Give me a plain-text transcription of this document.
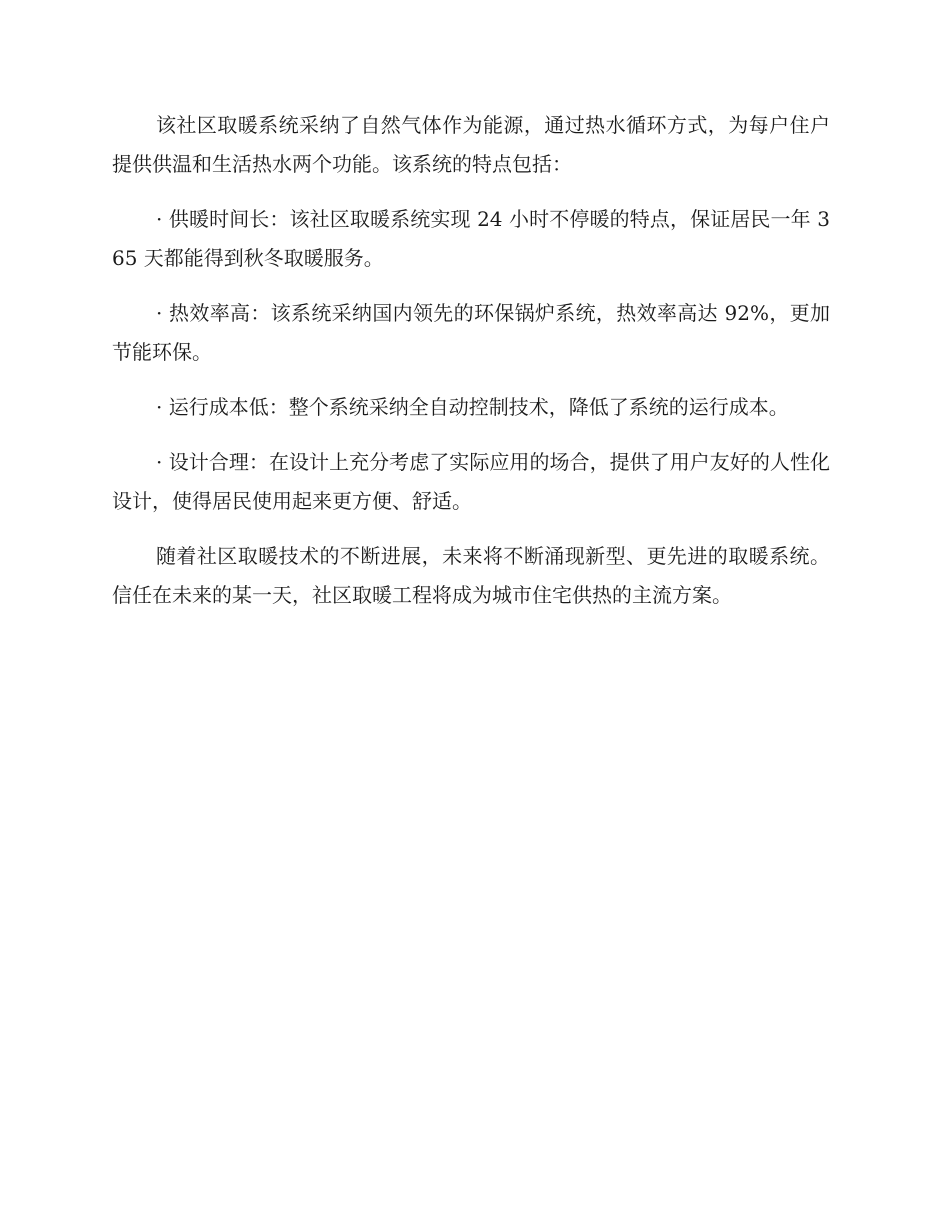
该社区取暖系统采纳了自然气体作为能源，通过热水循环方式，为每户住户提供供温和生活热水两个功能。该系统的特点包括：

· 供暖时间长：该社区取暖系统实现 24 小时不停暖的特点，保证居民一年 365 天都能得到秋冬取暖服务。

· 热效率高：该系统采纳国内领先的环保锅炉系统，热效率高达 92%，更加节能环保。

· 运行成本低：整个系统采纳全自动控制技术，降低了系统的运行成本。

· 设计合理：在设计上充分考虑了实际应用的场合，提供了用户友好的人性化设计，使得居民使用起来更方便、舒适。

随着社区取暖技术的不断进展，未来将不断涌现新型、更先进的取暖系统。信任在未来的某一天，社区取暖工程将成为城市住宅供热的主流方案。
